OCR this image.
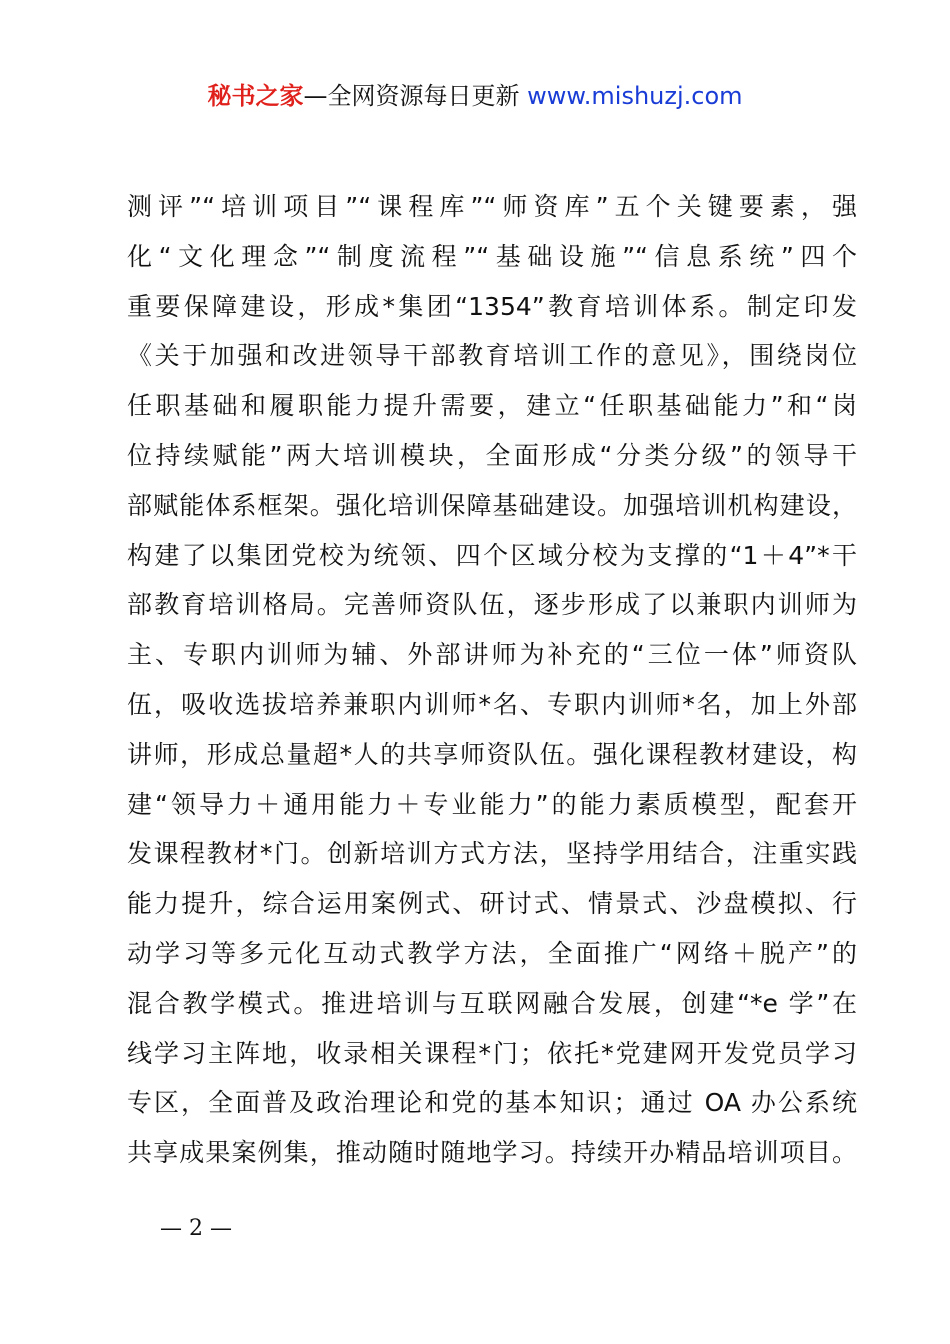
秘书之家—全网资源每日更新 www.mishuzj.com
测评”“培训项目”“课程库”“师资库”五个关键要素，强
化“文化理念”“制度流程”“基础设施”“信息系统”四个
重要保障建设，形成*集团“1354”教育培训体系。制定印发
《关于加强和改进领导干部教育培训工作的意见》，围绕岗位
任职基础和履职能力提升需要，建立“任职基础能力”和“岗
位持续赋能”两大培训模块，全面形成“分类分级”的领导干
部赋能体系框架。强化培训保障基础建设。加强培训机构建设，
构建了以集团党校为统领、四个区域分校为支撑的“1＋4”*干
部教育培训格局。完善师资队伍，逐步形成了以兼职内训师为
主、专职内训师为辅、外部讲师为补充的“三位一体”师资队
伍，吸收选拔培养兼职内训师*名、专职内训师*名，加上外部
讲师，形成总量超*人的共享师资队伍。强化课程教材建设，构
建“领导力＋通用能力＋专业能力”的能力素质模型，配套开
发课程教材*门。创新培训方式方法，坚持学用结合，注重实践
能力提升，综合运用案例式、研讨式、情景式、沙盘模拟、行
动学习等多元化互动式教学方法，全面推广“网络＋脱产”的
混合教学模式。推进培训与互联网融合发展，创建“*e 学”在
线学习主阵地，收录相关课程*门；依托*党建网开发党员学习
专区，全面普及政治理论和党的基本知识；通过 OA 办公系统
共享成果案例集，推动随时随地学习。持续开办精品培训项目。
— 2 —
